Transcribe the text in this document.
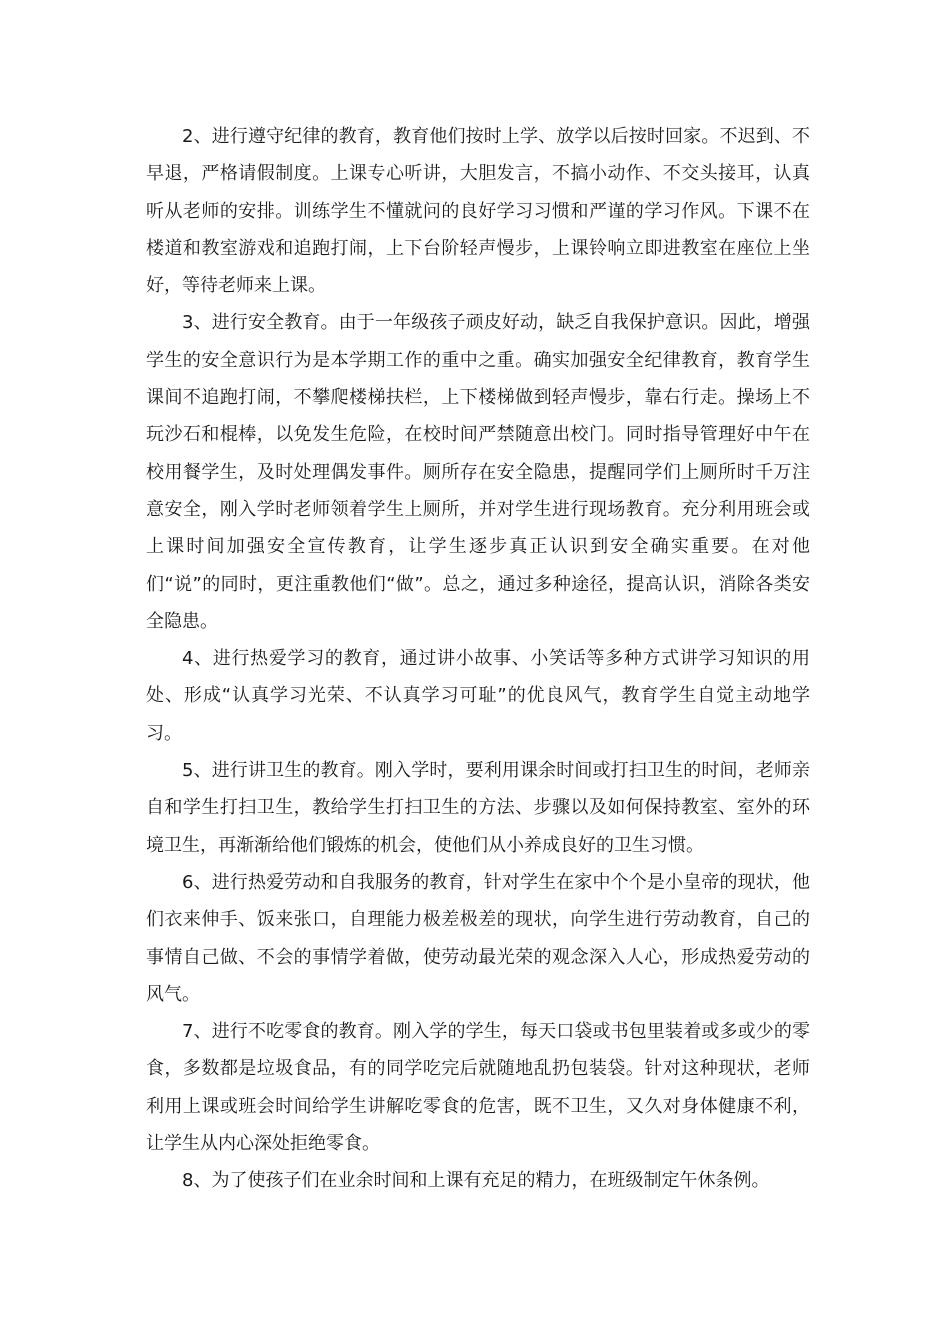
2、进行遵守纪律的教育，教育他们按时上学、放学以后按时回家。不迟到、不早退，严格请假制度。上课专心听讲，大胆发言，不搞小动作、不交头接耳，认真听从老师的安排。训练学生不懂就问的良好学习习惯和严谨的学习作风。下课不在楼道和教室游戏和追跑打闹，上下台阶轻声慢步，上课铃响立即进教室在座位上坐好，等待老师来上课。

3、进行安全教育。由于一年级孩子顽皮好动，缺乏自我保护意识。因此，增强学生的安全意识行为是本学期工作的重中之重。确实加强安全纪律教育，教育学生课间不追跑打闹，不攀爬楼梯扶栏，上下楼梯做到轻声慢步，靠右行走。操场上不玩沙石和棍棒，以免发生危险，在校时间严禁随意出校门。同时指导管理好中午在校用餐学生，及时处理偶发事件。厕所存在安全隐患，提醒同学们上厕所时千万注意安全，刚入学时老师领着学生上厕所，并对学生进行现场教育。充分利用班会或上课时间加强安全宣传教育，让学生逐步真正认识到安全确实重要。在对他们“说”的同时，更注重教他们“做”。总之，通过多种途径，提高认识，消除各类安全隐患。

4、进行热爱学习的教育，通过讲小故事、小笑话等多种方式讲学习知识的用处、形成“认真学习光荣、不认真学习可耻”的优良风气，教育学生自觉主动地学习。

5、进行讲卫生的教育。刚入学时，要利用课余时间或打扫卫生的时间，老师亲自和学生打扫卫生，教给学生打扫卫生的方法、步骤以及如何保持教室、室外的环境卫生，再渐渐给他们锻炼的机会，使他们从小养成良好的卫生习惯。

6、进行热爱劳动和自我服务的教育，针对学生在家中个个是小皇帝的现状，他们衣来伸手、饭来张口，自理能力极差极差的现状，向学生进行劳动教育，自己的事情自己做、不会的事情学着做，使劳动最光荣的观念深入人心，形成热爱劳动的风气。

7、进行不吃零食的教育。刚入学的学生，每天口袋或书包里装着或多或少的零食，多数都是垃圾食品，有的同学吃完后就随地乱扔包装袋。针对这种现状，老师利用上课或班会时间给学生讲解吃零食的危害，既不卫生，又久对身体健康不利，让学生从内心深处拒绝零食。

8、为了使孩子们在业余时间和上课有充足的精力，在班级制定午休条例。
